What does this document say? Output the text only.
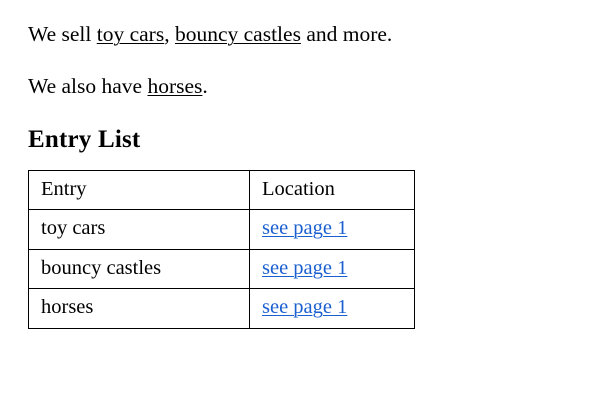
We sell toy cars, bouncy castles and more.

We also have horses.

Entry List
Entry	Location
toy cars	see page 1
bouncy castles	see page 1
horses	see page 1
